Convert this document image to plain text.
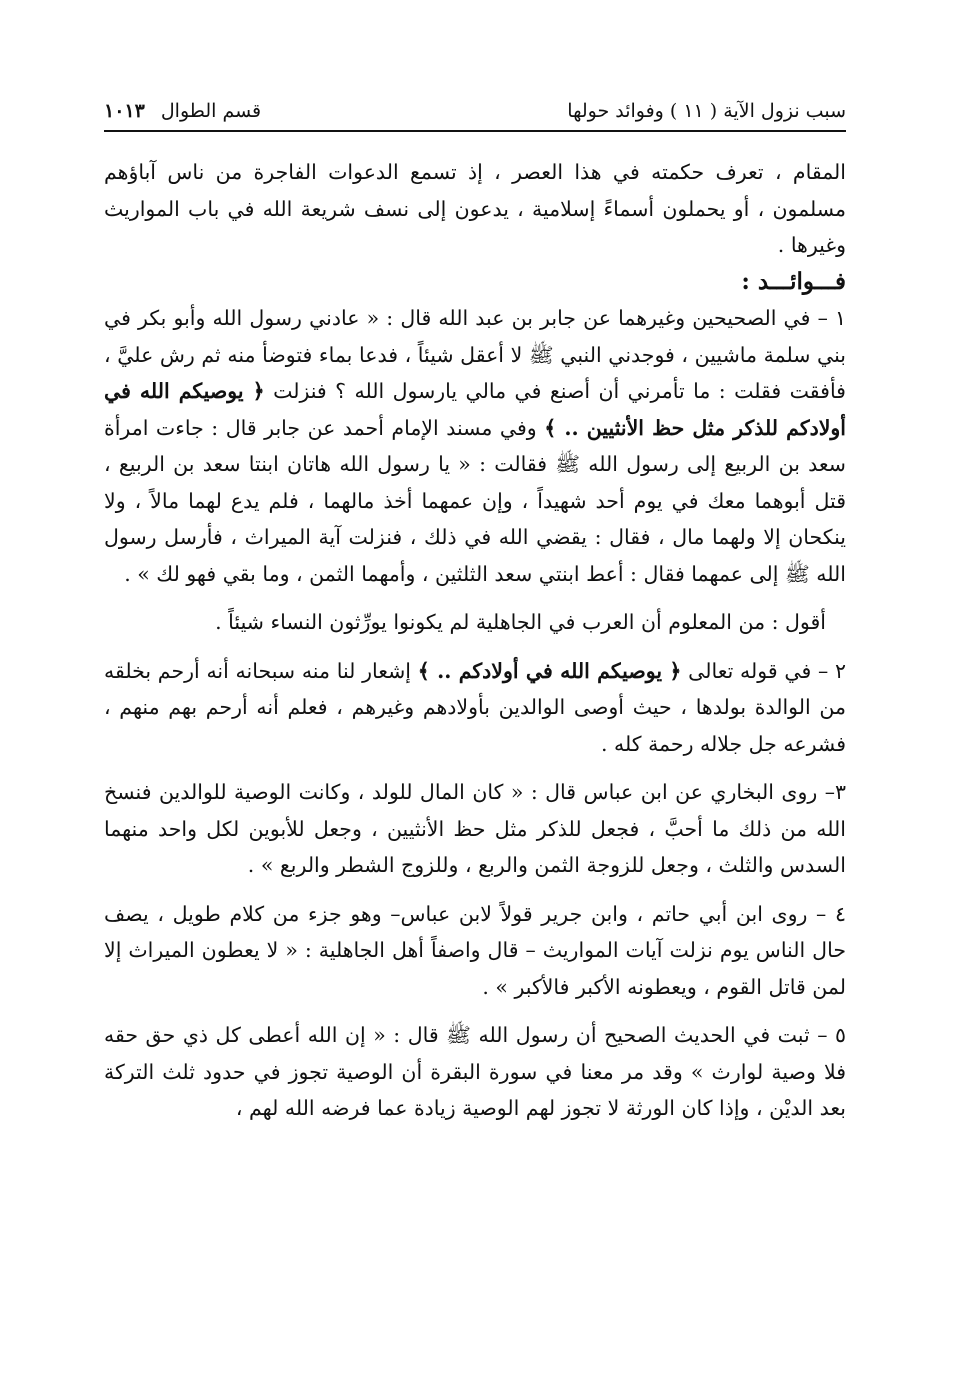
سبب نزول الآية ( ١١ ) وفوائد حولها
قسم الطوال ١٠١٣

المقام ، تعرف حكمته في هذا العصر ، إذ تسمع الدعوات الفاجرة من ناس آباؤهم مسلمون ، أو يحملون أسماءً إسلامية ، يدعون إلى نسف شريعة الله في باب المواريث وغيرها .

فـــوائـــد :

١ – في الصحيحين وغيرهما عن جابر بن عبد الله قال : « عادني رسول الله وأبو بكر في بني سلمة ماشيين ، فوجدني النبي ﷺ لا أعقل شيئاً ، فدعا بماء فتوضأ منه ثم رش عليَّ ، فأفقت فقلت : ما تأمرني أن أصنع في مالي يارسول الله ؟ فنزلت ﴿ يوصيكم الله في أولادكم للذكر مثل حظ الأنثيين .. ﴾ وفي مسند الإمام أحمد عن جابر قال : جاءت امرأة سعد بن الربيع إلى رسول الله ﷺ فقالت : « يا رسول الله هاتان ابنتا سعد بن الربيع ، قتل أبوهما معك في يوم أحد شهيداً ، وإن عمهما أخذ مالهما ، فلم يدع لهما مالاً ، ولا ينكحان إلا ولهما مال ، فقال : يقضي الله في ذلك ، فنزلت آية الميراث ، فأرسل رسول الله ﷺ إلى عمهما فقال : أعط ابنتي سعد الثلثين ، وأمهما الثمن ، وما بقي فهو لك » .

أقول : من المعلوم أن العرب في الجاهلية لم يكونوا يورِّثون النساء شيئاً .

٢ – في قوله تعالى ﴿ يوصيكم الله في أولادكم .. ﴾ إشعار لنا منه سبحانه أنه أرحم بخلقه من الوالدة بولدها ، حيث أوصى الوالدين بأولادهم وغيرهم ، فعلم أنه أرحم بهم منهم ، فشرعه جل جلاله رحمة كله .

٣– روى البخاري عن ابن عباس قال : « كان المال للولد ، وكانت الوصية للوالدين فنسخ الله من ذلك ما أحبَّ ، فجعل للذكر مثل حظ الأنثيين ، وجعل للأبوين لكل واحد منهما السدس والثلث ، وجعل للزوجة الثمن والربع ، وللزوج الشطر والربع » .

٤ – روى ابن أبي حاتم ، وابن جرير قولاً لابن عباس– وهو جزء من كلام طويل ، يصف حال الناس يوم نزلت آيات المواريث – قال واصفاً أهل الجاهلية : « لا يعطون الميراث إلا لمن قاتل القوم ، ويعطونه الأكبر فالأكبر » .

٥ – ثبت في الحديث الصحيح أن رسول الله ﷺ قال : « إن الله أعطى كل ذي حق حقه فلا وصية لوارث » وقد مر معنا في سورة البقرة أن الوصية تجوز في حدود ثلث التركة بعد الديْن ، وإذا كان الورثة لا تجوز لهم الوصية زيادة عما فرضه الله لهم ،
